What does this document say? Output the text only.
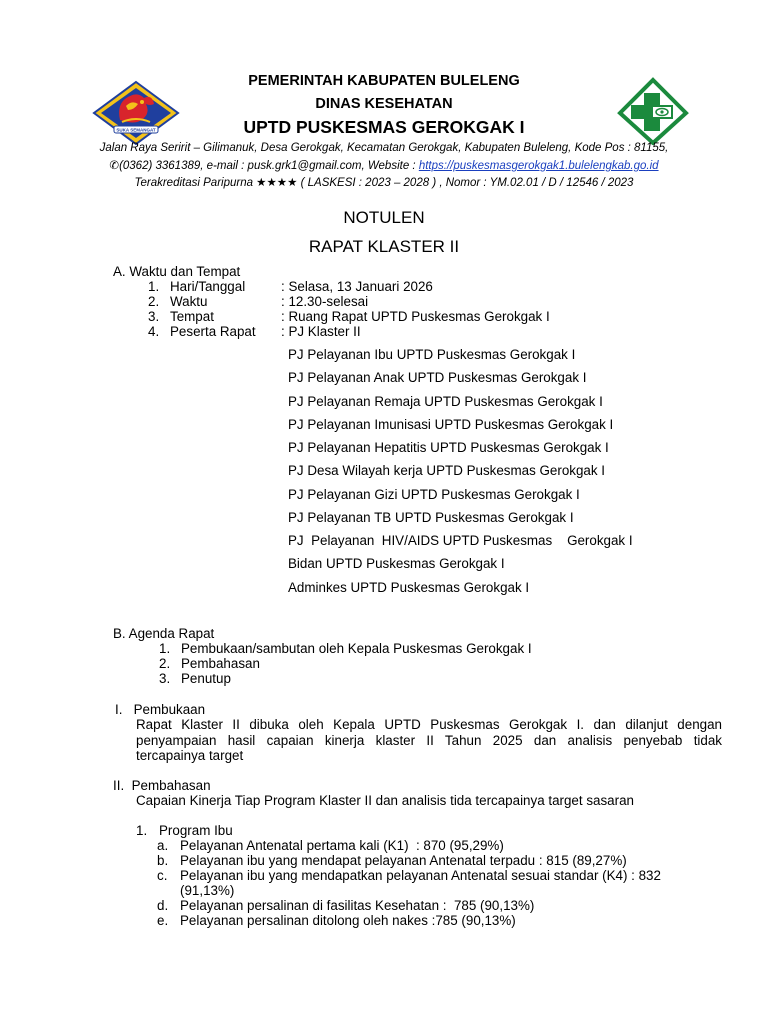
SUKA SEMANGAT
PEMERINTAH KABUPATEN BULELENG
DINAS KESEHATAN
UPTD PUSKESMAS GEROKGAK I
Jalan Raya Seririt – Gilimanuk, Desa Gerokgak, Kecamatan Gerokgak, Kabupaten Buleleng, Kode Pos : 81155,
✆(0362) 3361389, e-mail : pusk.grk1@gmail.com, Website : https://puskesmasgerokgak1.bulelengkab.go.id
Terakreditasi Paripurna ★★★★ ( LASKESI : 2023 – 2028 ) , Nomor : YM.02.01 / D / 12546 / 2023
NOTULEN
RAPAT KLASTER II
A. Waktu dan Tempat
1. Hari/Tanggal	: Selasa, 13 Januari 2026
2. Waktu	: 12.30-selesai
3. Tempat	: Ruang Rapat UPTD Puskesmas Gerokgak I
4. Peserta Rapat : PJ Klaster II
PJ Pelayanan Ibu UPTD Puskesmas Gerokgak I
PJ Pelayanan Anak UPTD Puskesmas Gerokgak I
PJ Pelayanan Remaja UPTD Puskesmas Gerokgak I
PJ Pelayanan Imunisasi UPTD Puskesmas Gerokgak I
PJ Pelayanan Hepatitis UPTD Puskesmas Gerokgak I
PJ Desa Wilayah kerja UPTD Puskesmas Gerokgak I
PJ Pelayanan Gizi UPTD Puskesmas Gerokgak I
PJ Pelayanan TB UPTD Puskesmas Gerokgak I
PJ  Pelayanan  HIV/AIDS UPTD Puskesmas    Gerokgak I
Bidan UPTD Puskesmas Gerokgak I
Adminkes UPTD Puskesmas Gerokgak I
B. Agenda Rapat
1. Pembukaan/sambutan oleh Kepala Puskesmas Gerokgak I
2. Pembahasan
3. Penutup
I.   Pembukaan
Rapat Klaster II dibuka oleh Kepala UPTD Puskesmas Gerokgak I. dan dilanjut dengan
penyampaian hasil capaian kinerja klaster II Tahun 2025 dan analisis penyebab tidak
tercapainya target
II.  Pembahasan
Capaian Kinerja Tiap Program Klaster II dan analisis tida tercapainya target sasaran
1. Program Ibu
a. Pelayanan Antenatal pertama kali (K1)  : 870 (95,29%)
b. Pelayanan ibu yang mendapat pelayanan Antenatal terpadu : 815 (89,27%)
c. Pelayanan ibu yang mendapatkan pelayanan Antenatal sesuai standar (K4) : 832
(91,13%)
d. Pelayanan persalinan di fasilitas Kesehatan :  785 (90,13%)
e. Pelayanan persalinan ditolong oleh nakes :785 (90,13%)
